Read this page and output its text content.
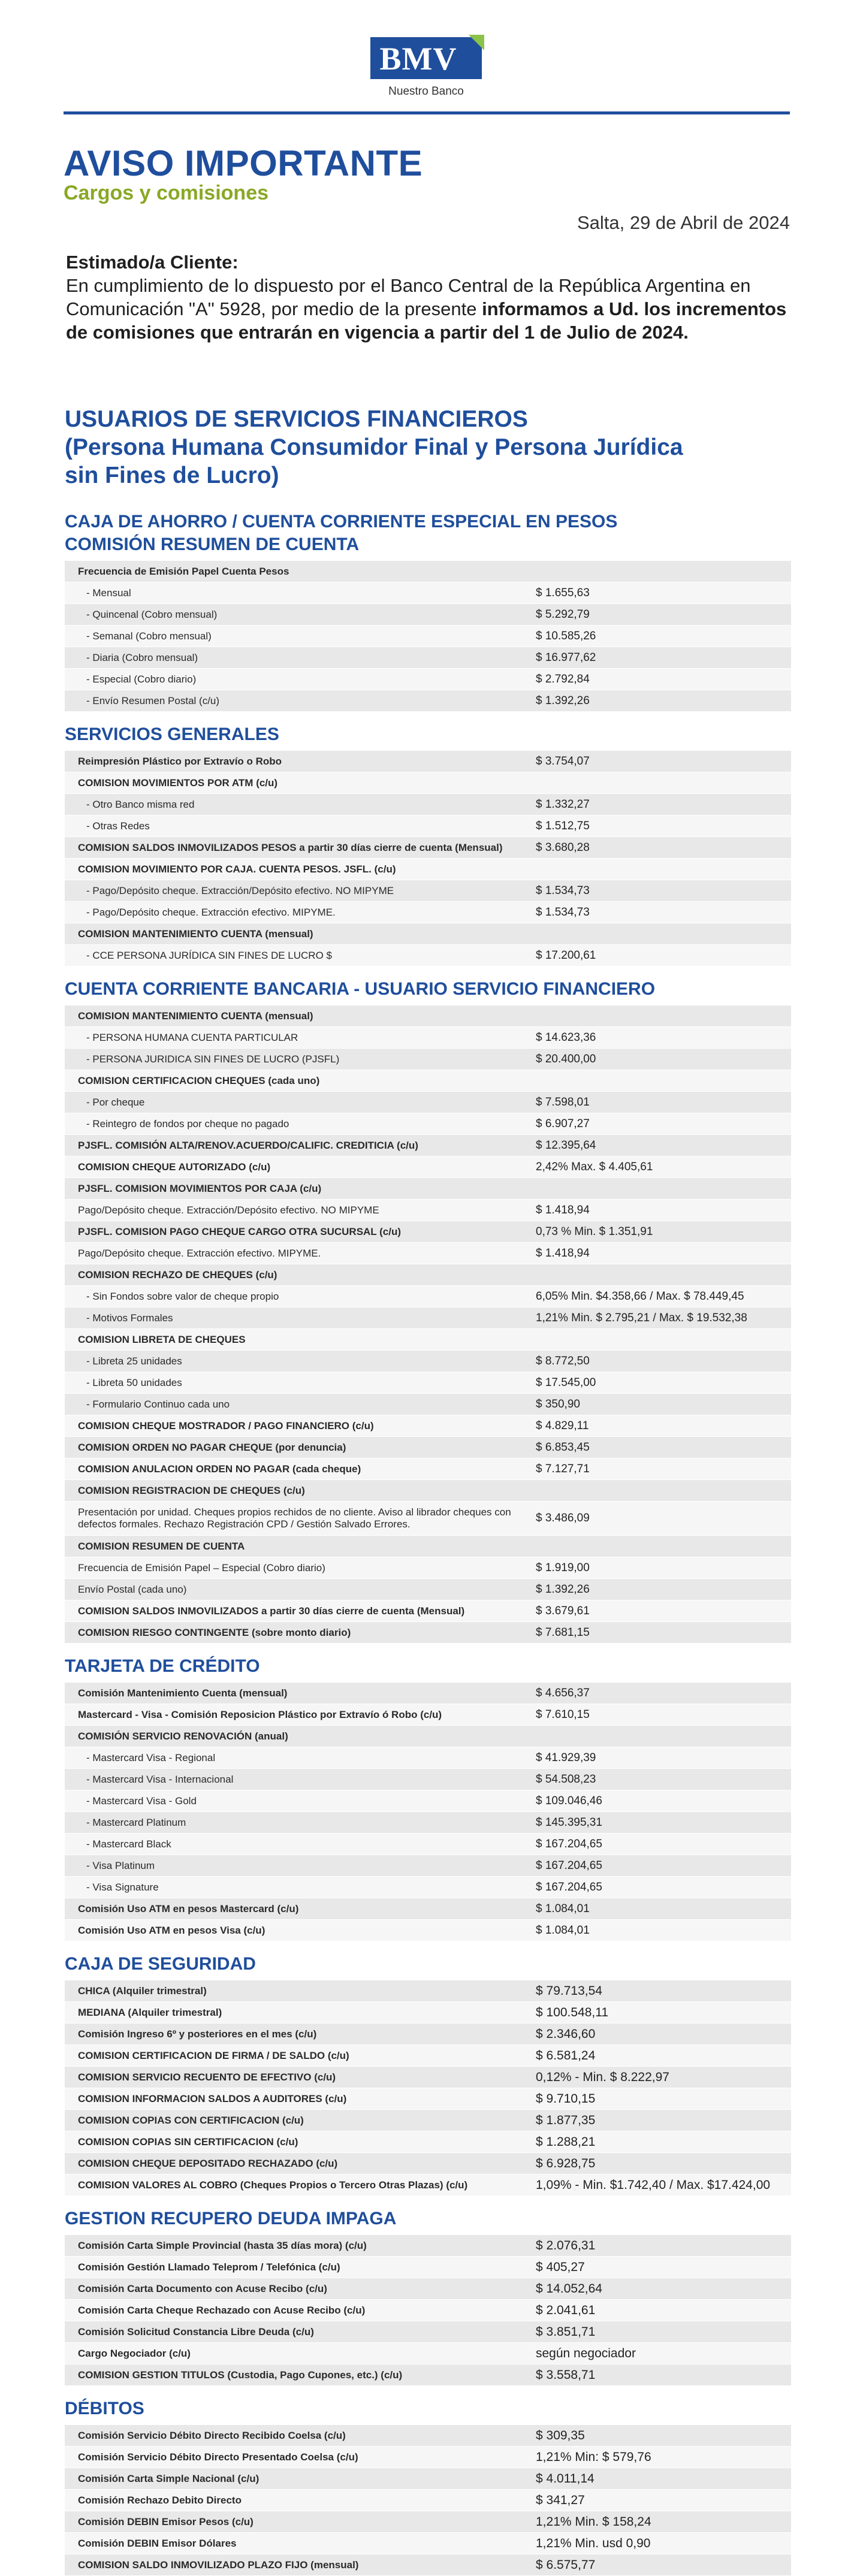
BMV
Nuestro Banco
AVISO IMPORTANTE
Cargos y comisiones
Salta, 29 de Abril de 2024
Estimado/a Cliente:
En cumplimiento de lo dispuesto por el Banco Central de la República Argentina en Comunicación "A" 5928, por medio de la presente informamos a Ud. los incrementos de comisiones que entrarán en vigencia a partir del 1 de Julio de 2024.
USUARIOS DE SERVICIOS FINANCIEROS
(Persona Humana Consumidor Final y Persona Jurídica
sin Fines de Lucro)
CAJA DE AHORRO / CUENTA CORRIENTE ESPECIAL EN PESOS
COMISIÓN RESUMEN DE CUENTA
Frecuencia de Emisión Papel Cuenta Pesos
- Mensual	$ 1.655,63
- Quincenal (Cobro mensual)	$ 5.292,79
- Semanal (Cobro mensual)	$ 10.585,26
- Diaria (Cobro mensual)	$ 16.977,62
- Especial (Cobro diario)	$ 2.792,84
- Envío Resumen Postal (c/u)	$ 1.392,26
SERVICIOS GENERALES
Reimpresión Plástico por Extravío o Robo	$ 3.754,07
COMISION MOVIMIENTOS POR ATM (c/u)
- Otro Banco misma red	$ 1.332,27
- Otras Redes	$ 1.512,75
COMISION SALDOS INMOVILIZADOS PESOS a partir 30 días cierre de cuenta (Mensual)	$ 3.680,28
COMISION MOVIMIENTO POR CAJA. CUENTA PESOS. JSFL. (c/u)
- Pago/Depósito cheque. Extracción/Depósito efectivo. NO MIPYME	$ 1.534,73
- Pago/Depósito cheque. Extracción efectivo. MIPYME.	$ 1.534,73
COMISION MANTENIMIENTO CUENTA (mensual)
- CCE PERSONA JURÍDICA SIN FINES DE LUCRO $	$ 17.200,61
CUENTA CORRIENTE BANCARIA - USUARIO SERVICIO FINANCIERO
COMISION MANTENIMIENTO CUENTA (mensual)
- PERSONA HUMANA CUENTA PARTICULAR	$ 14.623,36
- PERSONA JURIDICA SIN FINES DE LUCRO (PJSFL)	$ 20.400,00
COMISION CERTIFICACION CHEQUES (cada uno)
- Por cheque	$ 7.598,01
- Reintegro de fondos por cheque no pagado	$ 6.907,27
PJSFL. COMISIÓN ALTA/RENOV.ACUERDO/CALIFIC. CREDITICIA (c/u)	$ 12.395,64
COMISION CHEQUE AUTORIZADO (c/u)	2,42% Max. $ 4.405,61
PJSFL. COMISION MOVIMIENTOS POR CAJA (c/u)
Pago/Depósito cheque. Extracción/Depósito efectivo. NO MIPYME	$ 1.418,94
PJSFL. COMISION PAGO CHEQUE CARGO OTRA SUCURSAL (c/u)	0,73 % Min. $ 1.351,91
Pago/Depósito cheque. Extracción efectivo. MIPYME.	$ 1.418,94
COMISION RECHAZO DE CHEQUES (c/u)
- Sin Fondos sobre valor de cheque propio	6,05% Min. $4.358,66 / Max. $ 78.449,45
- Motivos Formales	1,21% Min. $ 2.795,21 / Max. $ 19.532,38
COMISION LIBRETA DE CHEQUES
- Libreta 25 unidades	$ 8.772,50
- Libreta 50 unidades	$ 17.545,00
- Formulario Continuo cada uno	$ 350,90
COMISION CHEQUE MOSTRADOR / PAGO FINANCIERO (c/u)	$ 4.829,11
COMISION ORDEN NO PAGAR CHEQUE (por denuncia)	$ 6.853,45
COMISION ANULACION ORDEN NO PAGAR (cada cheque)	$ 7.127,71
COMISION REGISTRACION DE CHEQUES (c/u)
Presentación por unidad. Cheques propios rechidos de no cliente. Aviso al librador cheques con defectos formales. Rechazo Registración CPD / Gestión Salvado Errores.	$ 3.486,09
COMISION RESUMEN DE CUENTA
Frecuencia de Emisión Papel – Especial (Cobro diario)	$ 1.919,00
Envío Postal (cada uno)	$ 1.392,26
COMISION SALDOS INMOVILIZADOS a partir 30 días cierre de cuenta (Mensual)	$ 3.679,61
COMISION RIESGO CONTINGENTE (sobre monto diario)	$ 7.681,15
TARJETA DE CRÉDITO
Comisión Mantenimiento Cuenta (mensual)	$ 4.656,37
Mastercard - Visa - Comisión Reposicion Plástico por Extravío ó Robo (c/u)	$ 7.610,15
COMISIÓN SERVICIO RENOVACIÓN (anual)
- Mastercard Visa - Regional	$ 41.929,39
- Mastercard Visa - Internacional	$ 54.508,23
- Mastercard Visa - Gold	$ 109.046,46
- Mastercard Platinum	$ 145.395,31
- Mastercard Black	$ 167.204,65
- Visa Platinum	$ 167.204,65
- Visa Signature	$ 167.204,65
Comisión Uso ATM en pesos Mastercard (c/u)	$ 1.084,01
Comisión Uso ATM en pesos Visa (c/u)	$ 1.084,01
CAJA DE SEGURIDAD
CHICA (Alquiler trimestral)	$ 79.713,54
MEDIANA (Alquiler trimestral)	$ 100.548,11
Comisión Ingreso 6º y posteriores en el mes (c/u)	$ 2.346,60
COMISION CERTIFICACION DE FIRMA / DE SALDO (c/u)	$ 6.581,24
COMISION SERVICIO RECUENTO DE EFECTIVO (c/u)	0,12% - Min. $ 8.222,97
COMISION INFORMACION SALDOS A AUDITORES (c/u)	$ 9.710,15
COMISION COPIAS CON CERTIFICACION (c/u)	$ 1.877,35
COMISION COPIAS SIN CERTIFICACION (c/u)	$ 1.288,21
COMISION CHEQUE DEPOSITADO RECHAZADO (c/u)	$ 6.928,75
COMISION VALORES AL COBRO (Cheques Propios o Tercero Otras Plazas) (c/u)	1,09% - Min. $1.742,40 / Max. $17.424,00
GESTION RECUPERO DEUDA IMPAGA
Comisión Carta Simple Provincial (hasta 35 días mora) (c/u)	$ 2.076,31
Comisión Gestión Llamado Teleprom / Telefónica (c/u)	$ 405,27
Comisión Carta Documento con Acuse Recibo (c/u)	$ 14.052,64
Comisión Carta Cheque Rechazado con Acuse Recibo (c/u)	$ 2.041,61
Comisión Solicitud Constancia Libre Deuda (c/u)	$ 3.851,71
Cargo Negociador (c/u)	según negociador
COMISION GESTION TITULOS (Custodia, Pago Cupones, etc.) (c/u)	$ 3.558,71
DÉBITOS
Comisión Servicio Débito Directo Recibido Coelsa (c/u)	$ 309,35
Comisión Servicio Débito Directo Presentado Coelsa (c/u)	1,21% Min: $ 579,76
Comisión Carta Simple Nacional (c/u)	$ 4.011,14
Comisión Rechazo Debito Directo	$ 341,27
Comisión DEBIN Emisor Pesos (c/u)	1,21% Min. $ 158,24
Comisión DEBIN Emisor Dólares	1,21% Min. usd 0,90
COMISION SALDO INMOVILIZADO PLAZO FIJO (mensual)	$ 6.575,77
